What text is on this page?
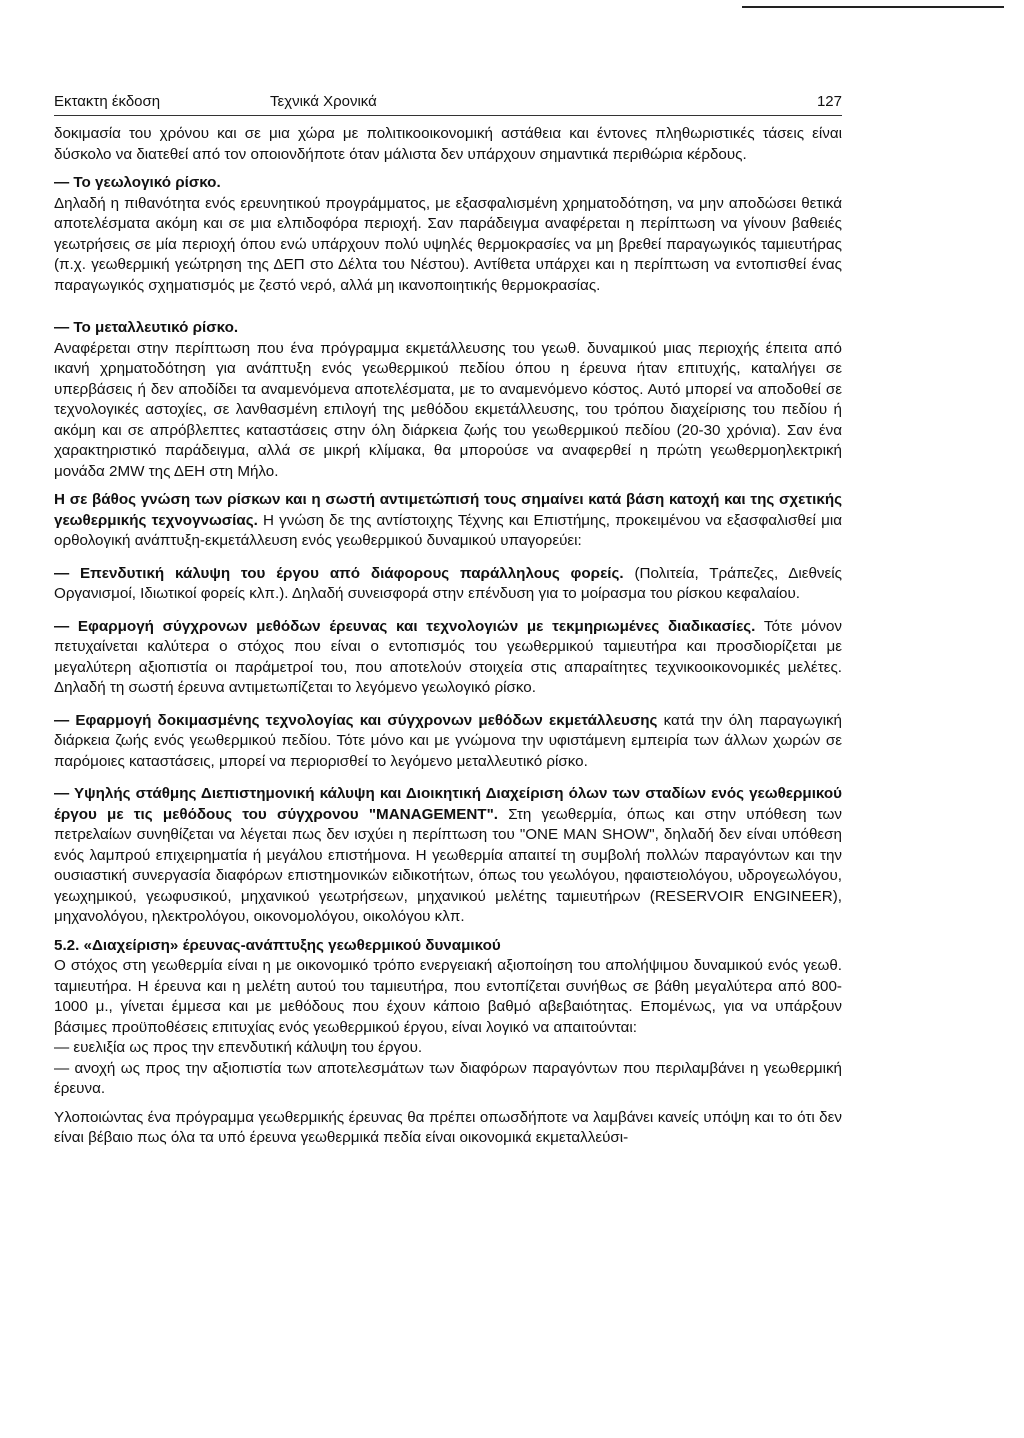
Εκτακτη έκδοση	Τεχνικά Χρονικά	127

δοκιμασία του χρόνου και σε μια χώρα με πολιτικοοικονομική αστάθεια και έντονες πληθωριστικές τάσεις είναι δύσκολο να διατεθεί από τον οποιονδήποτε όταν μάλιστα δεν υπάρχουν σημαντικά περιθώρια κέρδους.

— Το γεωλογικό ρίσκο.

Δηλαδή η πιθανότητα ενός ερευνητικού προγράμματος, με εξασφαλισμένη χρηματοδότηση, να μην αποδώσει θετικά αποτελέσματα ακόμη και σε μια ελπιδοφόρα περιοχή. Σαν παράδειγμα αναφέρεται η περίπτωση να γίνουν βαθειές γεωτρήσεις σε μία περιοχή όπου ενώ υπάρχουν πολύ υψηλές θερμοκρασίες να μη βρεθεί παραγωγικός ταμιευτήρας (π.χ. γεωθερμική γεώτρηση της ΔΕΠ στο Δέλτα του Νέστου). Αντίθετα υπάρχει και η περίπτωση να εντοπισθεί ένας παραγωγικός σχηματισμός με ζεστό νερό, αλλά μη ικανοποιητικής θερμοκρασίας.

— Το μεταλλευτικό ρίσκο.

Αναφέρεται στην περίπτωση που ένα πρόγραμμα εκμετάλλευσης του γεωθ. δυναμικού μιας περιοχής έπειτα από ικανή χρηματοδότηση για ανάπτυξη ενός γεωθερμικού πεδίου όπου η έρευνα ήταν επιτυχής, καταλήγει σε υπερβάσεις ή δεν αποδίδει τα αναμενόμενα αποτελέσματα, με το αναμενόμενο κόστος. Αυτό μπορεί να αποδοθεί σε τεχνολογικές αστοχίες, σε λανθασμένη επιλογή της μεθόδου εκμετάλλευσης, του τρόπου διαχείρισης του πεδίου ή ακόμη και σε απρόβλεπτες καταστάσεις στην όλη διάρκεια ζωής του γεωθερμικού πεδίου (20-30 χρόνια). Σαν ένα χαρακτηριστικό παράδειγμα, αλλά σε μικρή κλίμακα, θα μπορούσε να αναφερθεί η πρώτη γεωθερμοηλεκτρική μονάδα 2MW της ΔΕΗ στη Μήλο.

Η σε βάθος γνώση των ρίσκων και η σωστή αντιμετώπισή τους σημαίνει κατά βάση κατοχή και της σχετικής γεωθερμικής τεχνογνωσίας. Η γνώση δε της αντίστοιχης Τέχνης και Επιστήμης, προκειμένου να εξασφαλισθεί μια ορθολογική ανάπτυξη-εκμετάλλευση ενός γεωθερμικού δυναμικού υπαγορεύει:

— Επενδυτική κάλυψη του έργου από διάφορους παράλληλους φορείς. (Πολιτεία, Τράπεζες, Διεθνείς Οργανισμοί, Ιδιωτικοί φορείς κλπ.). Δηλαδή συνεισφορά στην επένδυση για το μοίρασμα του ρίσκου κεφαλαίου.

— Εφαρμογή σύγχρονων μεθόδων έρευνας και τεχνολογιών με τεκμηριωμένες διαδικασίες. Τότε μόνον πετυχαίνεται καλύτερα ο στόχος που είναι ο εντοπισμός του γεωθερμικού ταμιευτήρα και προσδιορίζεται με μεγαλύτερη αξιοπιστία οι παράμετροί του, που αποτελούν στοιχεία στις απαραίτητες τεχνικοοικονομικές μελέτες. Δηλαδή τη σωστή έρευνα αντιμετωπίζεται το λεγόμενο γεωλογικό ρίσκο.

— Εφαρμογή δοκιμασμένης τεχνολογίας και σύγχρονων μεθόδων εκμετάλλευσης κατά την όλη παραγωγική διάρκεια ζωής ενός γεωθερμικού πεδίου. Τότε μόνο και με γνώμονα την υφιστάμενη εμπειρία των άλλων χωρών σε παρόμοιες καταστάσεις, μπορεί να περιορισθεί το λεγόμενο μεταλλευτικό ρίσκο.

— Υψηλής στάθμης Διεπιστημονική κάλυψη και Διοικητική Διαχείριση όλων των σταδίων ενός γεωθερμικού έργου με τις μεθόδους του σύγχρονου "MANAGEMENT". Στη γεωθερμία, όπως και στην υπόθεση των πετρελαίων συνηθίζεται να λέγεται πως δεν ισχύει η περίπτωση του "ONE MAN SHOW", δηλαδή δεν είναι υπόθεση ενός λαμπρού επιχειρηματία ή μεγάλου επιστήμονα. Η γεωθερμία απαιτεί τη συμβολή πολλών παραγόντων και την ουσιαστική συνεργασία διαφόρων επιστημονικών ειδικοτήτων, όπως του γεωλόγου, ηφαιστειολόγου, υδρογεωλόγου, γεωχημικού, γεωφυσικού, μηχανικού γεωτρήσεων, μηχανικού μελέτης ταμιευτήρων (RESERVOIR ENGINEER), μηχανολόγου, ηλεκτρολόγου, οικονομολόγου, οικολόγου κλπ.

5.2. «Διαχείριση» έρευνας-ανάπτυξης γεωθερμικού δυναμικού

Ο στόχος στη γεωθερμία είναι η με οικονομικό τρόπο ενεργειακή αξιοποίηση του απολήψιμου δυναμικού ενός γεωθ. ταμιευτήρα. Η έρευνα και η μελέτη αυτού του ταμιευτήρα, που εντοπίζεται συνήθως σε βάθη μεγαλύτερα από 800-1000 μ., γίνεται έμμεσα και με μεθόδους που έχουν κάποιο βαθμό αβεβαιότητας. Επομένως, για να υπάρξουν βάσιμες προϋποθέσεις επιτυχίας ενός γεωθερμικού έργου, είναι λογικό να απαιτούνται:

— ευελιξία ως προς την επενδυτική κάλυψη του έργου.

— ανοχή ως προς την αξιοπιστία των αποτελεσμάτων των διαφόρων παραγόντων που περιλαμβάνει η γεωθερμική έρευνα.

Υλοποιώντας ένα πρόγραμμα γεωθερμικής έρευνας θα πρέπει οπωσδήποτε να λαμβάνει κανείς υπόψη και το ότι δεν είναι βέβαιο πως όλα τα υπό έρευνα γεωθερμικά πεδία είναι οικονομικά εκμεταλλεύσι-
